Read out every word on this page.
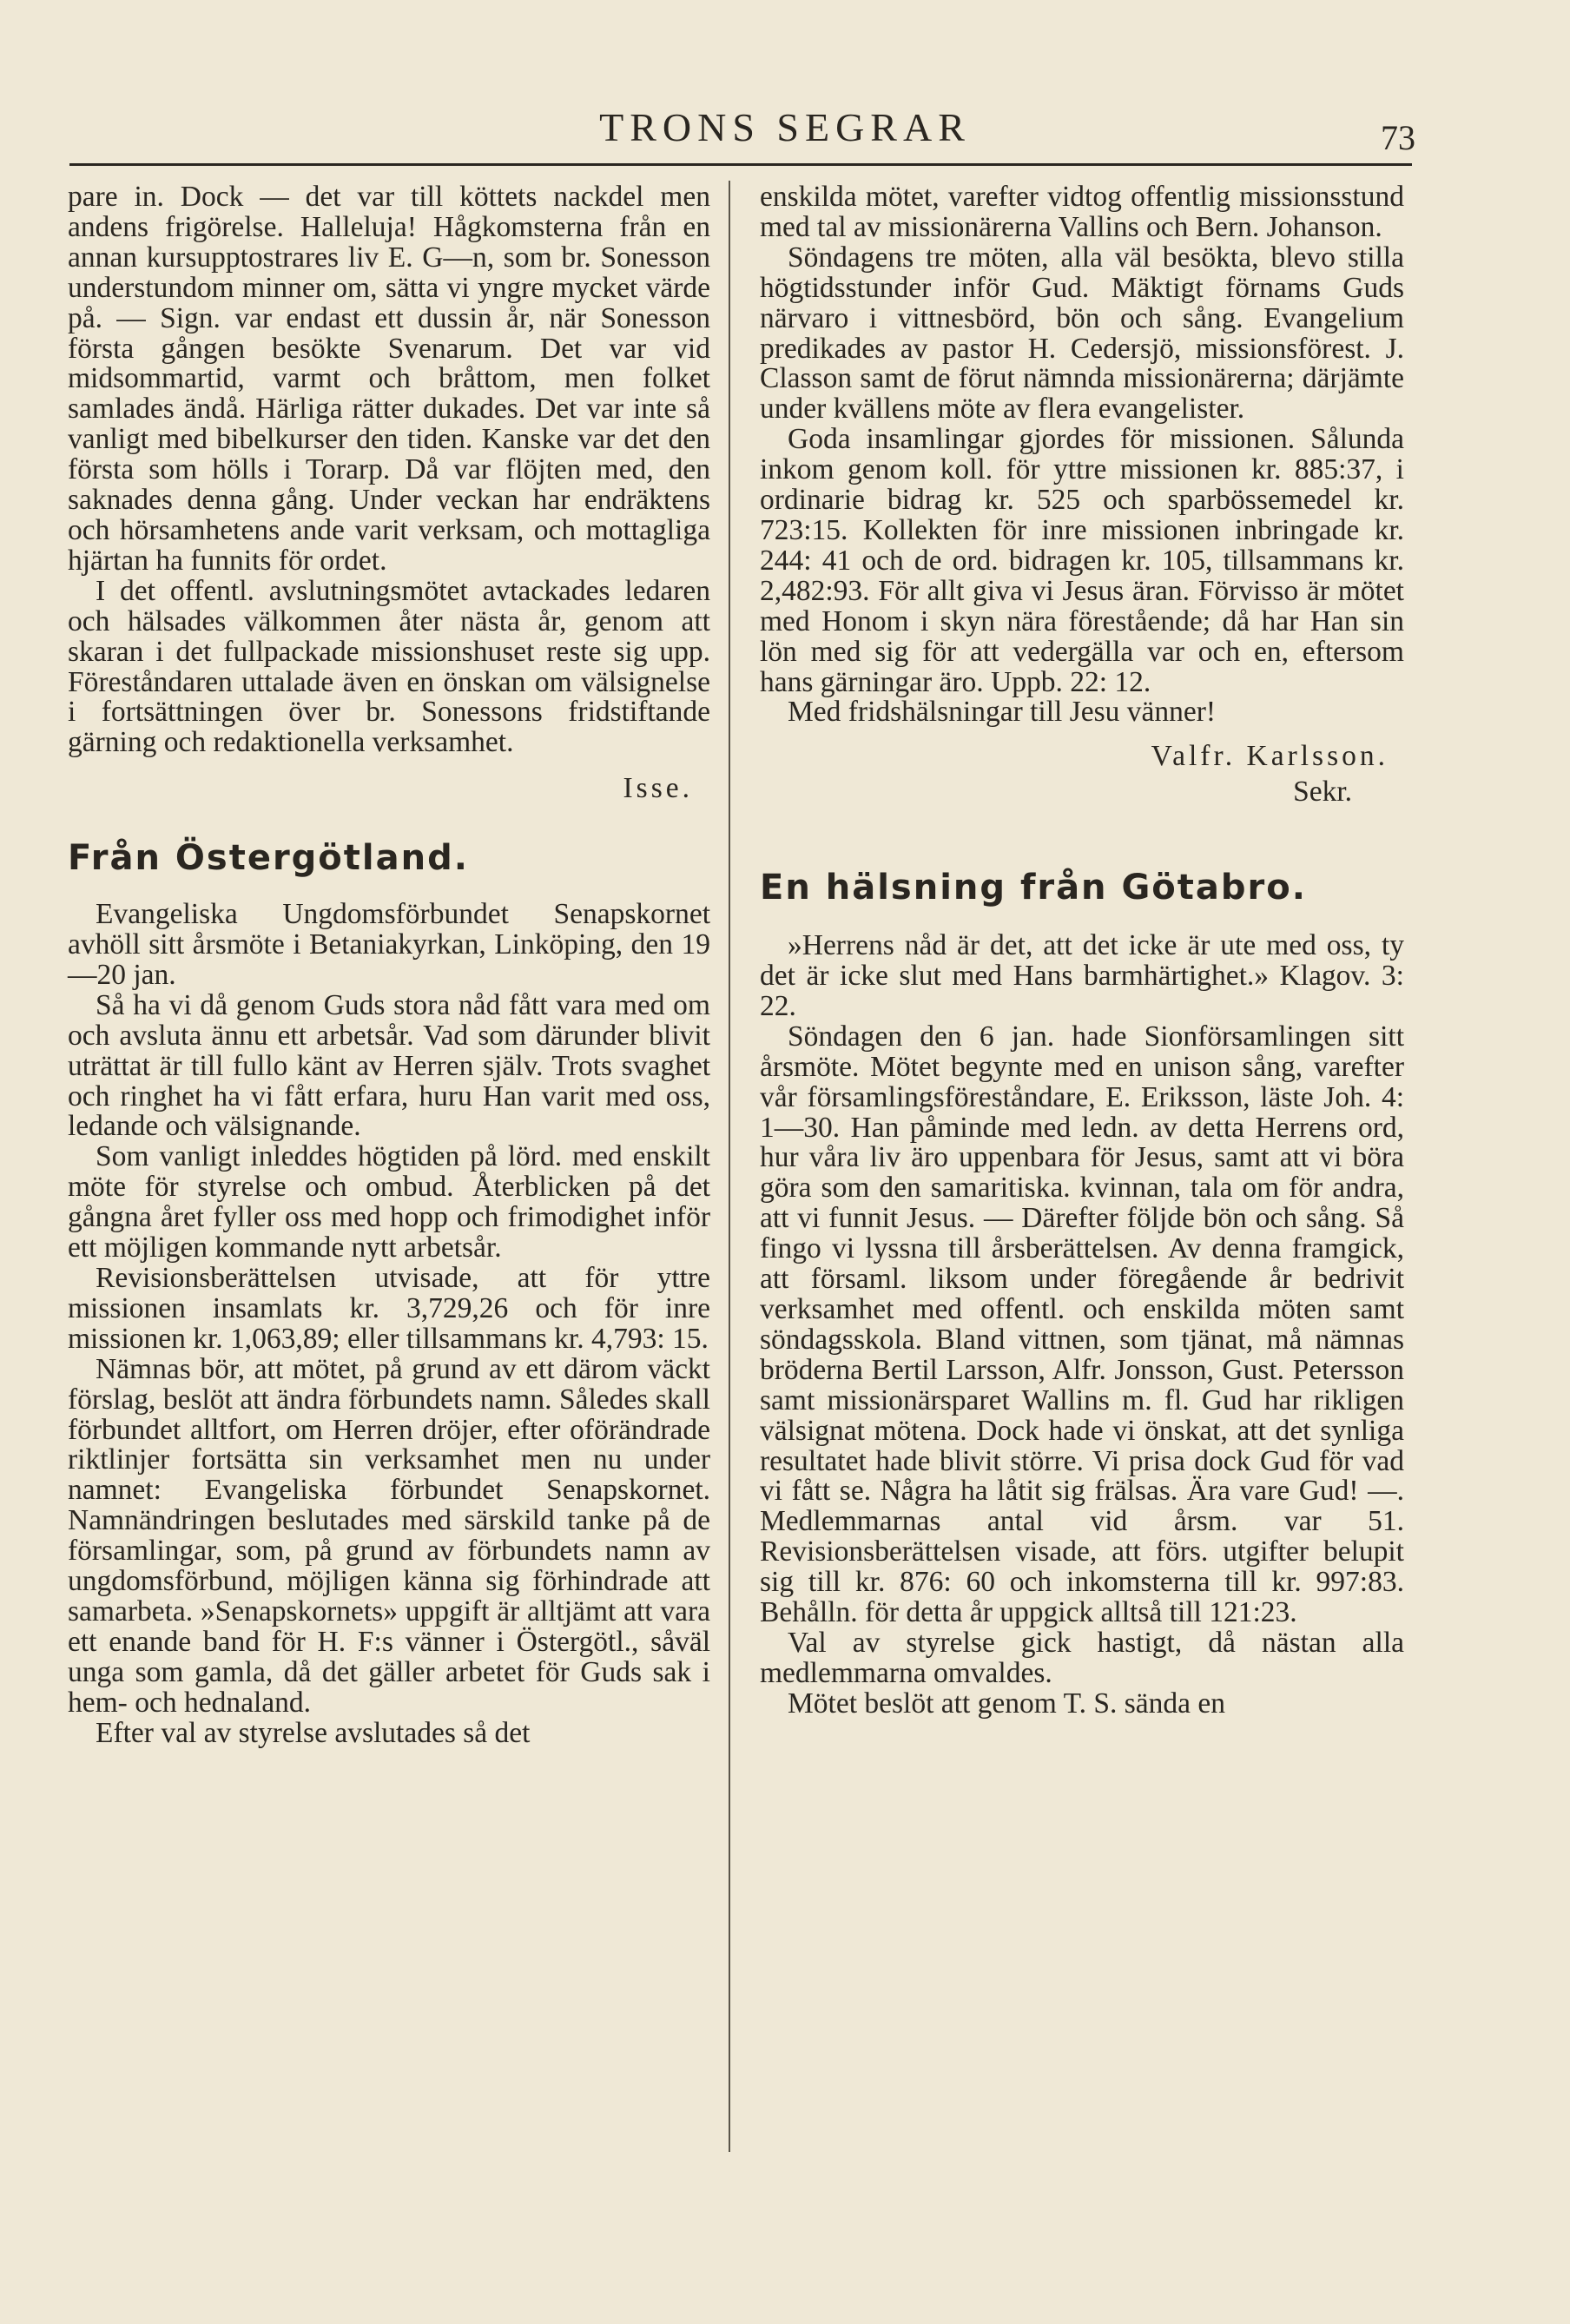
TRONS SEGRAR	73

pare in. Dock — det var till köttets nackdel men andens frigörelse. Halleluja! Hågkomsterna från en annan kursupptostrares liv E. G—n, som br. Sonesson understundom minner om, sätta vi yngre mycket värde på. — Sign. var endast ett dussin år, när Sonesson första gången besökte Svenarum. Det var vid midsommartid, varmt och bråttom, men folket samlades ändå. Härliga rätter dukades. Det var inte så vanligt med bibelkurser den tiden. Kanske var det den första som hölls i Torarp. Då var flöjten med, den saknades denna gång. Under veckan har endräktens och hörsamhetens ande varit verksam, och mottagliga hjärtan ha funnits för ordet.

I det offentl. avslutningsmötet avtackades ledaren och hälsades välkommen åter nästa år, genom att skaran i det fullpackade missionshuset reste sig upp. Föreståndaren uttalade även en önskan om välsignelse i fortsättningen över br. Sonessons fridstiftande gärning och redaktionella verksamhet.

Isse.
Från Östergötland.

Evangeliska Ungdomsförbundet Senapskornet avhöll sitt årsmöte i Betaniakyrkan, Linköping, den 19—20 jan.

Så ha vi då genom Guds stora nåd fått vara med om och avsluta ännu ett arbetsår. Vad som därunder blivit uträttat är till fullo känt av Herren själv. Trots svaghet och ringhet ha vi fått erfara, huru Han varit med oss, ledande och välsignande.

Som vanligt inleddes högtiden på lörd. med enskilt möte för styrelse och ombud. Återblicken på det gångna året fyller oss med hopp och frimodighet inför ett möjligen kommande nytt arbetsår.

Revisionsberättelsen utvisade, att för yttre missionen insamlats kr. 3,729,26 och för inre missionen kr. 1,063,89; eller tillsammans kr. 4,793: 15.

Nämnas bör, att mötet, på grund av ett därom väckt förslag, beslöt att ändra förbundets namn. Således skall förbundet alltfort, om Herren dröjer, efter oförändrade riktlinjer fortsätta sin verksamhet men nu under namnet: Evangeliska förbundet Senapskornet. Namnändringen beslutades med särskild tanke på de församlingar, som, på grund av förbundets namn av ungdomsförbund, möjligen känna sig förhindrade att samarbeta. »Senapskornets» uppgift är alltjämt att vara ett enande band för H. F:s vänner i Östergötl., såväl unga som gamla, då det gäller arbetet för Guds sak i hem- och hednaland.

Efter val av styrelse avslutades så det

enskilda mötet, varefter vidtog offentlig missionsstund med tal av missionärerna Vallins och Bern. Johanson.

Söndagens tre möten, alla väl besökta, blevo stilla högtidsstunder inför Gud. Mäktigt förnams Guds närvaro i vittnesbörd, bön och sång. Evangelium predikades av pastor H. Cedersjö, missionsförest. J. Classon samt de förut nämnda missionärerna; därjämte under kvällens möte av flera evangelister.

Goda insamlingar gjordes för missionen. Sålunda inkom genom koll. för yttre missionen kr. 885:37, i ordinarie bidrag kr. 525 och sparbössemedel kr. 723:15. Kollekten för inre missionen inbringade kr. 244: 41 och de ord. bidragen kr. 105, tillsammans kr. 2,482:93. För allt giva vi Jesus äran. Förvisso är mötet med Honom i skyn nära förestående; då har Han sin lön med sig för att vedergälla var och en, eftersom hans gärningar äro. Uppb. 22: 12.

Med fridshälsningar till Jesu vänner!

Valfr. Karlsson.
Sekr.
En hälsning från Götabro.

»Herrens nåd är det, att det icke är ute med oss, ty det är icke slut med Hans barmhärtighet.» Klagov. 3: 22.

Söndagen den 6 jan. hade Sionförsamlingen sitt årsmöte. Mötet begynte med en unison sång, varefter vår församlingsföreståndare, E. Eriksson, läste Joh. 4: 1—30. Han påminde med ledn. av detta Herrens ord, hur våra liv äro uppenbara för Jesus, samt att vi böra göra som den samaritiska. kvinnan, tala om för andra, att vi funnit Jesus. — Därefter följde bön och sång. Så fingo vi lyssna till årsberättelsen. Av denna framgick, att församl. liksom under föregående år bedrivit verksamhet med offentl. och enskilda möten samt söndagsskola. Bland vittnen, som tjänat, må nämnas bröderna Bertil Larsson, Alfr. Jonsson, Gust. Petersson samt missionärsparet Wallins m. fl. Gud har rikligen välsignat mötena. Dock hade vi önskat, att det synliga resultatet hade blivit större. Vi prisa dock Gud för vad vi fått se. Några ha låtit sig frälsas. Ära vare Gud! —. Medlemmarnas antal vid årsm. var 51. Revisionsberättelsen visade, att förs. utgifter belupit sig till kr. 876: 60 och inkomsterna till kr. 997:83. Behålln. för detta år uppgick alltså till 121:23.

Val av styrelse gick hastigt, då nästan alla medlemmarna omvaldes.

Mötet beslöt att genom T. S. sända en
